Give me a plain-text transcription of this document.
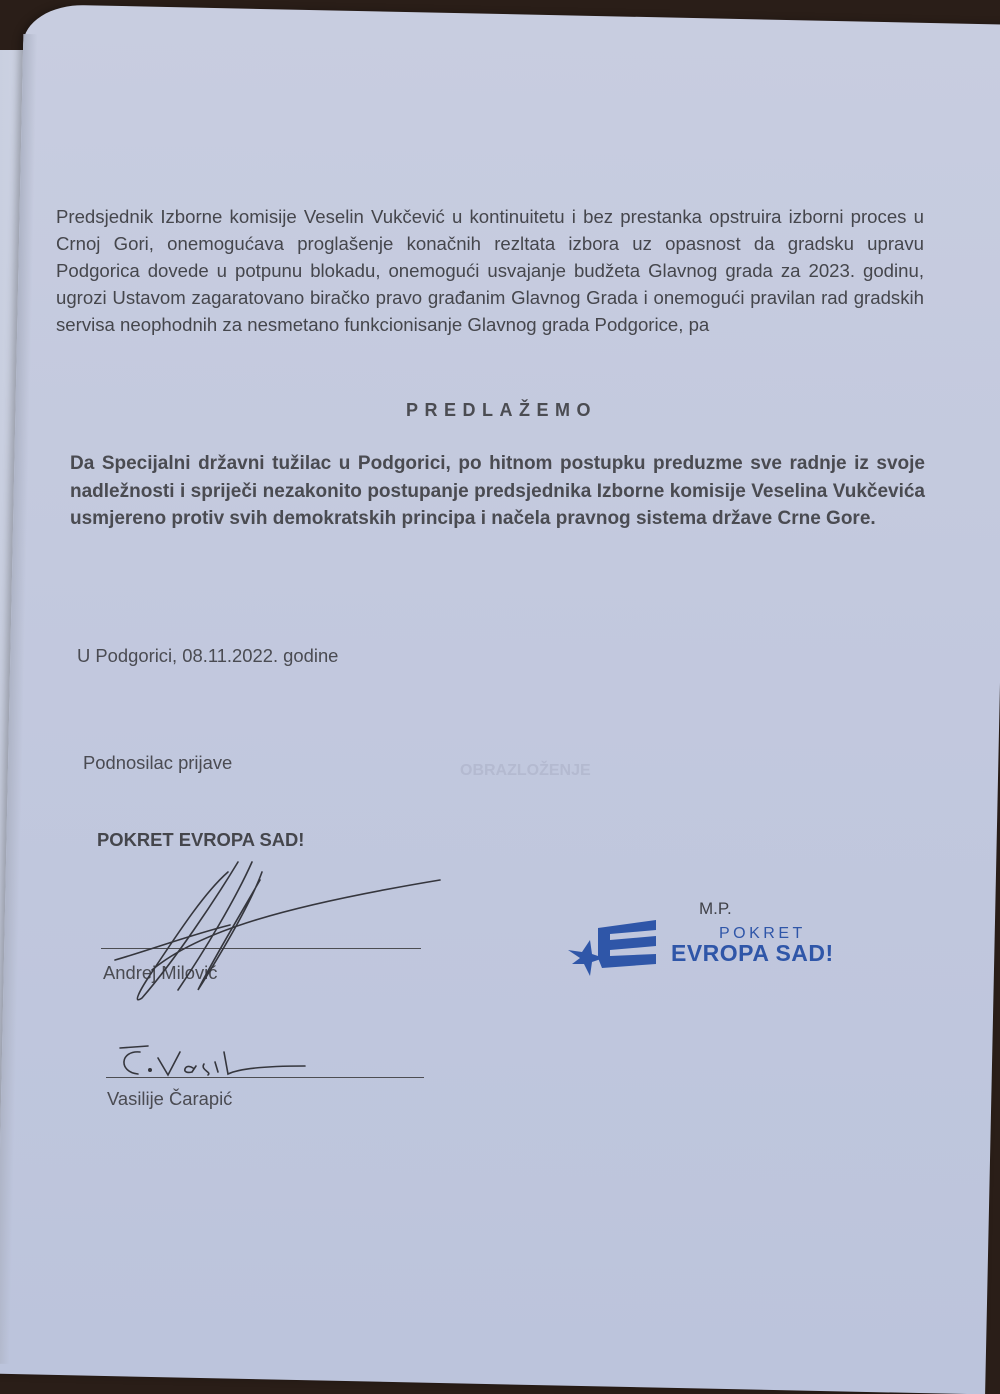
OBRAZLOŽENJE
Predsjednik Izborne komisije Veselin Vukčević u kontinuitetu i bez prestanka opstruira izborni proces u Crnoj Gori, onemogućava proglašenje konačnih rezltata izbora uz opasnost da gradsku upravu Podgorica dovede u potpunu blokadu, onemogući usvajanje budžeta Glavnog grada za 2023. godinu, ugrozi Ustavom zagaratovano biračko pravo građanim Glavnog Grada i onemogući pravilan rad gradskih servisa neophodnih za nesmetano funkcionisanje Glavnog grada Podgorice, pa
PREDLAŽEMO
Da Specijalni državni tužilac u Podgorici, po hitnom postupku preduzme sve radnje iz svoje nadležnosti i spriječi nezakonito postupanje predsjednika Izborne komisije Veselina Vukčevića usmjereno protiv svih demokratskih principa i načela pravnog sistema države Crne Gore.
U Podgorici, 08.11.2022. godine
Podnosilac prijave
POKRET EVROPA SAD!
Andrej Milović
Vasilije Čarapić
M.P.
POKRET
EVROPA SAD!
